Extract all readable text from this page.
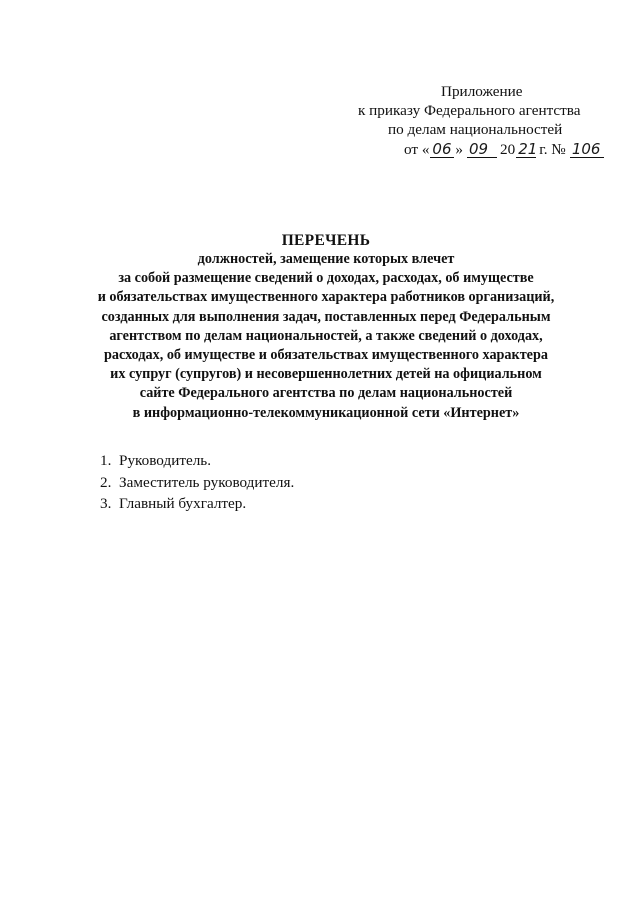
Приложение
к приказу Федерального агентства
по делам национальностей
от « 06 » 09 20 21 г. № 106
ПЕРЕЧЕНЬ
должностей, замещение которых влечет
за собой размещение сведений о доходах, расходах, об имуществе
и обязательствах имущественного характера работников организаций,
созданных для выполнения задач, поставленных перед Федеральным
агентством по делам национальностей, а также сведений о доходах,
расходах, об имуществе и обязательствах имущественного характера
их супруг (супругов) и несовершеннолетних детей на официальном
сайте Федерального агентства по делам национальностей
в информационно-телекоммуникационной сети «Интернет»
1. Руководитель.
2. Заместитель руководителя.
3. Главный бухгалтер.
